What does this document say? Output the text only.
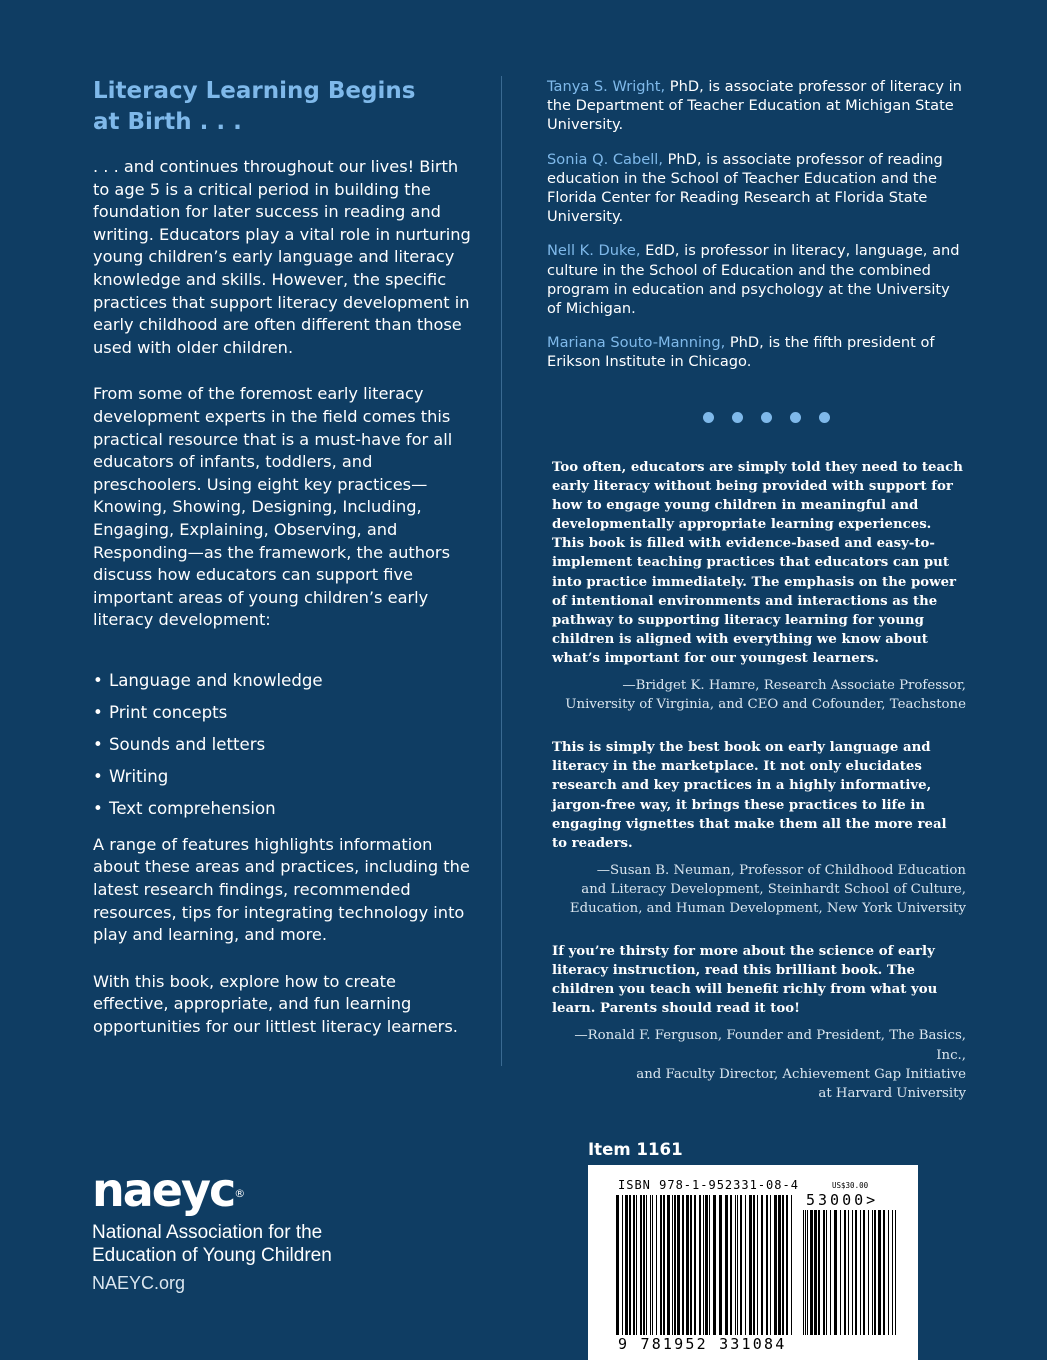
Literacy Learning Begins
at Birth . . .

. . . and continues throughout our lives! Birth to age 5 is a critical period in building the foundation for later success in reading and writing. Educators play a vital role in nurturing young children’s early language and literacy knowledge and skills. However, the specific practices that support literacy development in early childhood are often different than those used with older children.

From some of the foremost early literacy development experts in the field comes this practical resource that is a must-have for all educators of infants, toddlers, and preschoolers. Using eight key practices—Knowing, Showing, Designing, Including, Engaging, Explaining, Observing, and Responding—as the framework, the authors discuss how educators can support five important areas of young children’s early literacy development:

• Language and knowledge
• Print concepts
• Sounds and letters
• Writing
• Text comprehension

A range of features highlights information about these areas and practices, including the latest research findings, recommended resources, tips for integrating technology into play and learning, and more.

With this book, explore how to create effective, appropriate, and fun learning opportunities for our littlest literacy learners.

Tanya S. Wright, PhD, is associate professor of literacy in the Department of Teacher Education at Michigan State University.

Sonia Q. Cabell, PhD, is associate professor of reading education in the School of Teacher Education and the Florida Center for Reading Research at Florida State University.

Nell K. Duke, EdD, is professor in literacy, language, and culture in the School of Education and the combined program in education and psychology at the University of Michigan.

Mariana Souto-Manning, PhD, is the fifth president of Erikson Institute in Chicago.

Too often, educators are simply told they need to teach early literacy without being provided with support for how to engage young children in meaningful and developmentally appropriate learning experiences. This book is filled with evidence-based and easy-to-implement teaching practices that educators can put into practice immediately. The emphasis on the power of intentional environments and interactions as the pathway to supporting literacy learning for young children is aligned with everything we know about what’s important for our youngest learners.

—Bridget K. Hamre, Research Associate Professor,
University of Virginia, and CEO and Cofounder, Teachstone

This is simply the best book on early language and literacy in the marketplace. It not only elucidates research and key practices in a highly informative, jargon-free way, it brings these practices to life in engaging vignettes that make them all the more real to readers.

—Susan B. Neuman, Professor of Childhood Education
and Literacy Development, Steinhardt School of Culture,
Education, and Human Development, New York University

If you’re thirsty for more about the science of early literacy instruction, read this brilliant book. The children you teach will benefit richly from what you learn. Parents should read it too!

—Ronald F. Ferguson, Founder and President, The Basics, Inc.,
and Faculty Director, Achievement Gap Initiative
at Harvard University

naeyc®
National Association for the
Education of Young Children
NAEYC.org
Item 1161
ISBN 978-1-952331-08-4	US$30.00
53000>
9 781952 331084
